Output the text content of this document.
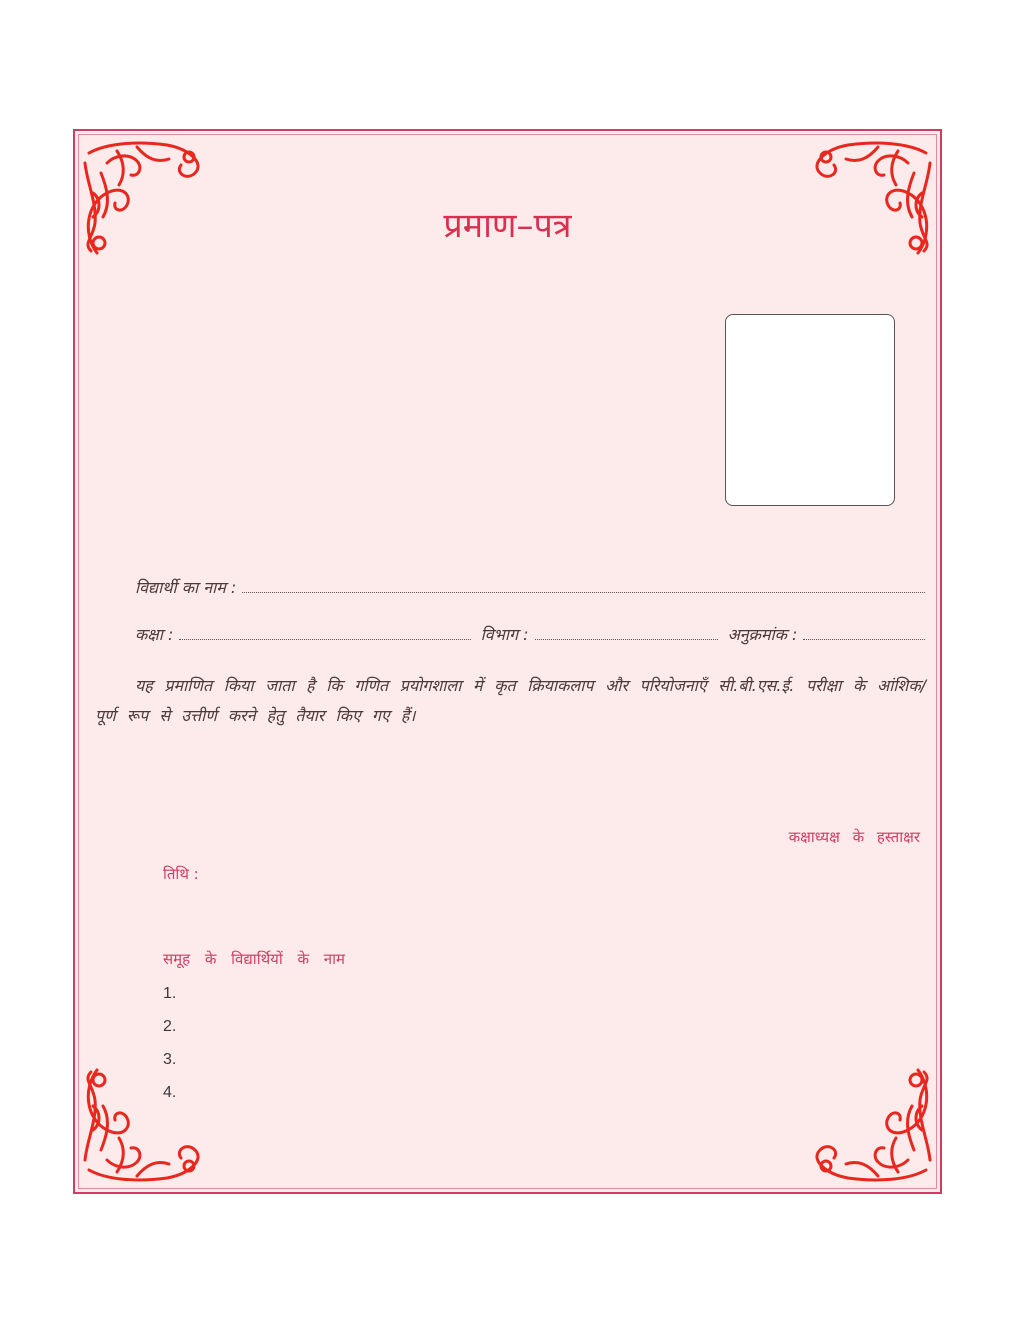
प्रमाण–पत्र
विद्यार्थी का नाम :
कक्षा :	विभाग :	अनुक्रमांक :
यह प्रमाणित किया जाता है कि गणित प्रयोगशाला में कृत क्रियाकलाप और परियोजनाएँ सी.बी.एस.ई. परीक्षा के आंशिक/पूर्ण रूप से उत्तीर्ण करने हेतु तैयार किए गए हैं।
कक्षाध्यक्ष के हस्ताक्षर
तिथि :
समूह के विद्यार्थियों के नाम
1.
2.
3.
4.
